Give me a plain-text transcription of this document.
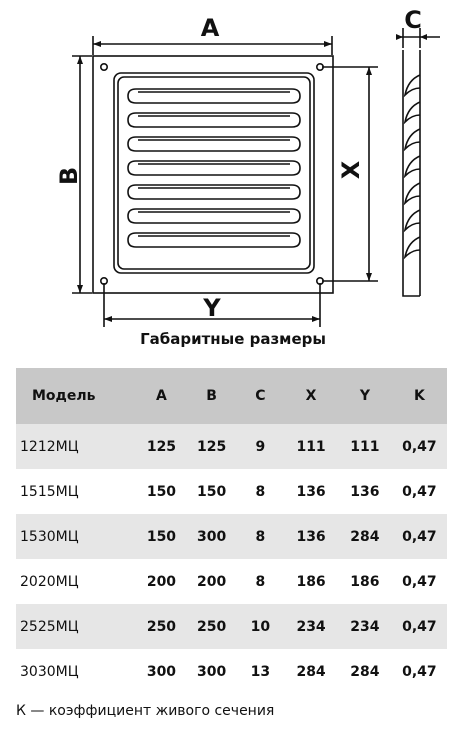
A	C
B	X
Y
Габаритные размеры
Модель	A	B	C	X	Y	K
1212МЦ	125	125	9	111	111	0,47
1515МЦ	150	150	8	136	136	0,47
1530МЦ	150	300	8	136	284	0,47
2020МЦ	200	200	8	186	186	0,47
2525МЦ	250	250	10	234	234	0,47
3030МЦ	300	300	13	284	284	0,47
К — коэффициент живого сечения
